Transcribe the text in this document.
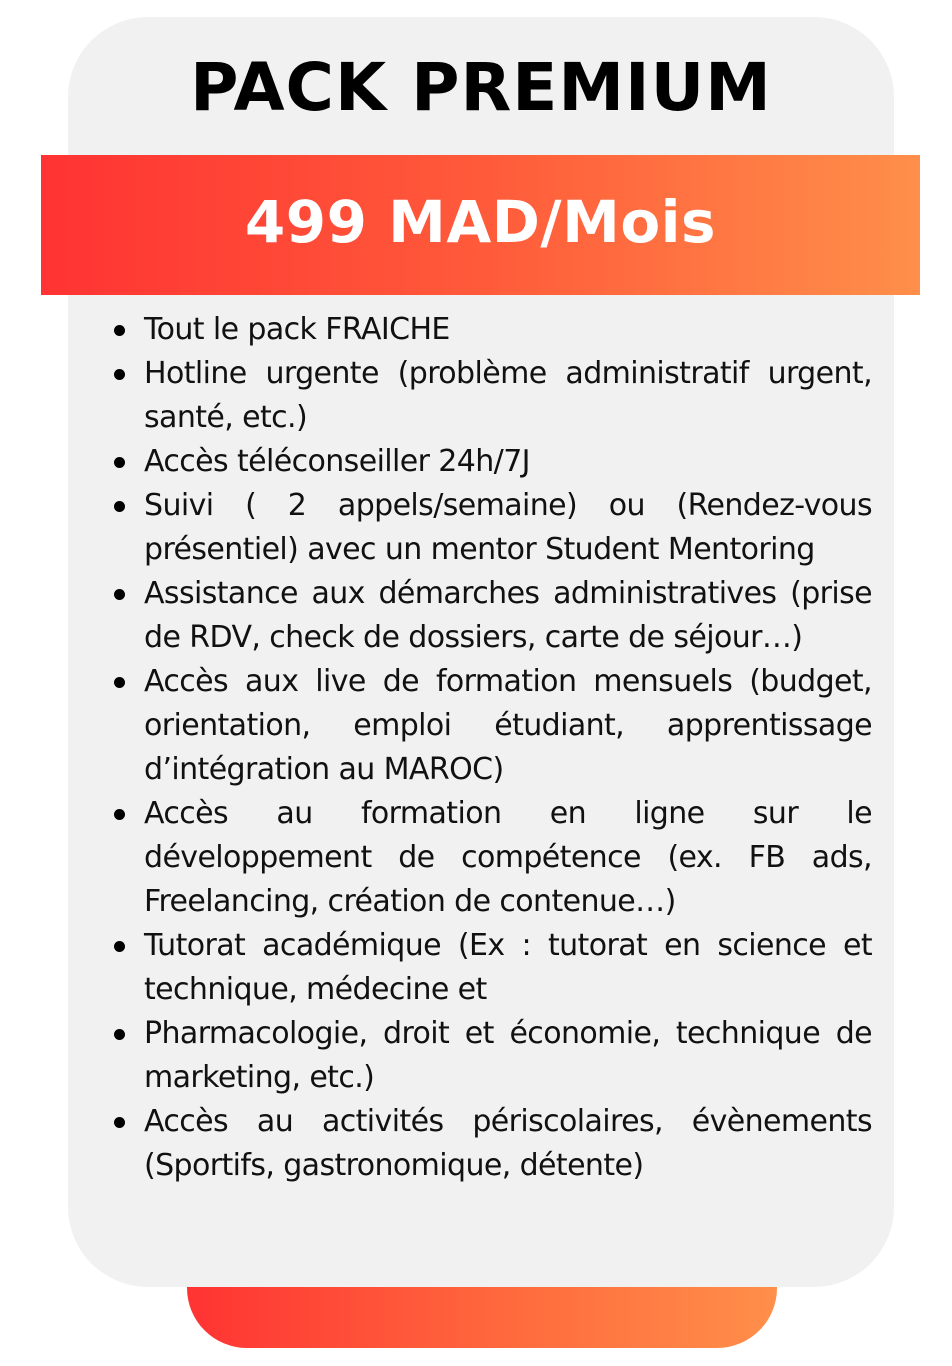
PACK PREMIUM
499 MAD/Mois
Tout le pack FRAICHE
Hotline urgente (problème administratif urgent, santé, etc.)
Accès téléconseiller 24h/7J
Suivi ( 2 appels/semaine) ou (Rendez-vous présentiel) avec un mentor Student Mentoring
Assistance aux démarches administratives (prise de RDV, check de dossiers, carte de séjour…)
Accès aux live de formation mensuels (budget, orientation, emploi étudiant, apprentissage d’intégration au MAROC)
Accès au formation en ligne sur le développement de compétence (ex. FB ads, Freelancing, création de contenue…)
Tutorat académique (Ex : tutorat en science et technique, médecine et
Pharmacologie, droit et économie, technique de marketing, etc.)
Accès au activités périscolaires, évènements (Sportifs, gastronomique, détente)
